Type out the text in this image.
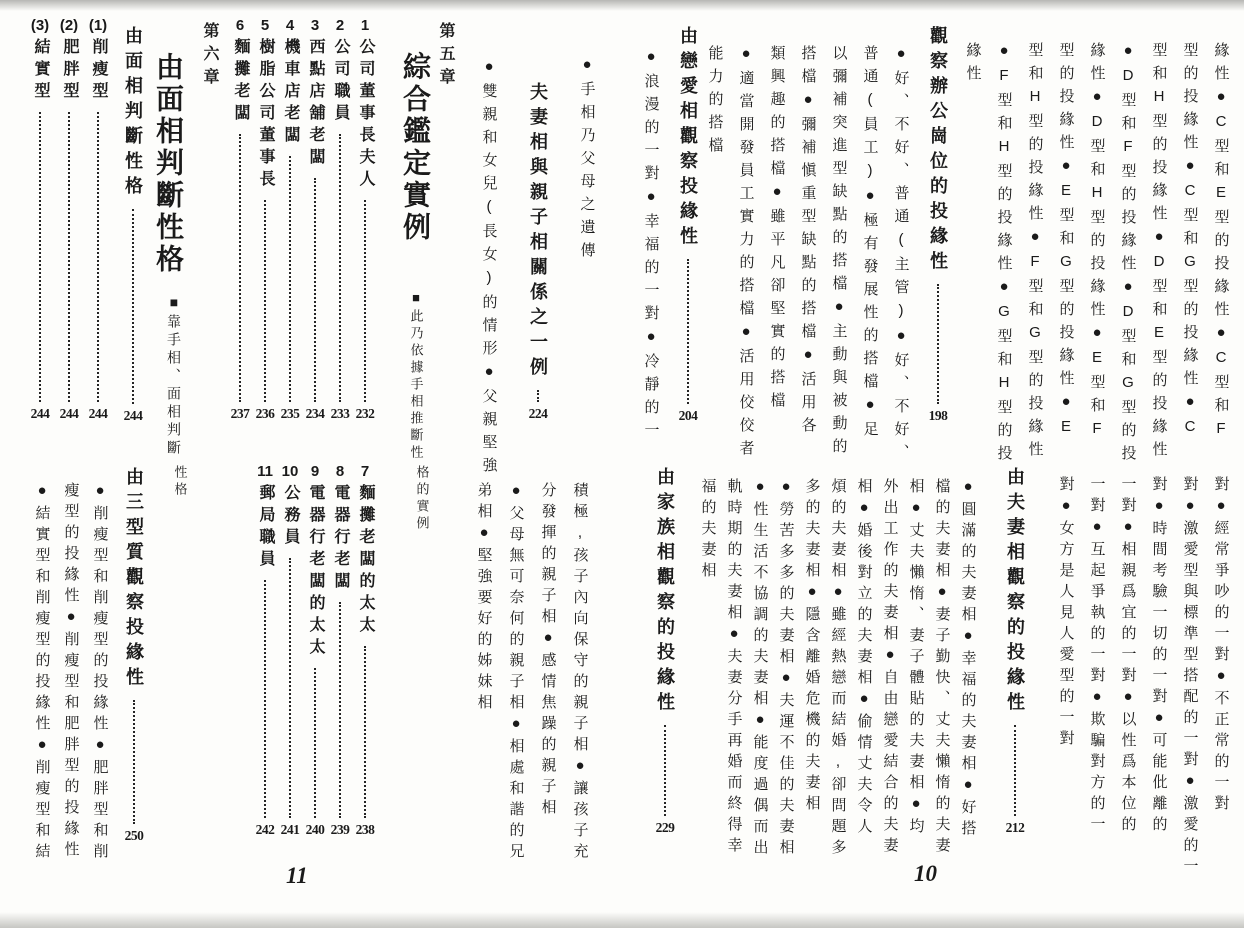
10
11
緣性●C型和E型的投緣性●C型和F
型的投緣性●C型和G型的投緣性●C
型和H型的投緣性●D型和E型的投緣性
●D型和F型的投緣性●D型和G型的投
緣性●D型和H型的投緣性●E型和F
型的投緣性●E型和G型的投緣性●E
型和H型的投緣性●F型和G型的投緣性
●F型和H型的投緣性●G型和H型的投
緣性
觀察辦公崗位的投緣性
198
●好、不好、普通(主管)●好、不好、
普通(員工)●極有發展性的搭檔●足
以彌補突進型缺點的搭檔●主動與被動的
搭檔●彌補愼重型缺點的搭檔●活用各
類興趣的搭檔●雖平凡卻堅實的搭檔
●適當開發員工實力的搭檔●活用佼佼者
能力的搭檔
由戀愛相觀察投緣性
204
●浪漫的一對●幸福的一對●冷靜的一
●手相乃父母之遺傳
夫妻相與親子相關係之一例
224
●雙親和女兒(長女)的情形●父親堅強
第五章
綜合鑑定實例
■此乃依據手相推斷性
1
公司董事長夫人
232
2
公司職員
233
3
西點店舖老闆
234
4
機車店老闆
235
5
樹脂公司董事長
236
6
麵攤老闆
237
第六章
由面相判斷性格
■靠手相、面相判斷
由面相判斷性格
244
(1)
削瘦型
244
(2)
肥胖型
244
(3)
結實型
244
對●經常爭吵的一對●不正常的一對
對●激愛型與標準型搭配的一對●激愛的一
對●時間考驗一切的一對●可能仳離的
一對●相親爲宜的一對●以性爲本位的
一對●互起爭執的一對●欺騙對方的一
對●女方是人見人愛型的一對
由夫妻相觀察的投緣性
212
●圓滿的夫妻相●幸福的夫妻相●好搭
檔的夫妻相●妻子勤快、丈夫懶惰的夫妻
相●丈夫懶惰、妻子體貼的夫妻相●均
外出工作的夫妻相●自由戀愛結合的夫妻
相●婚後對立的夫妻相●偷情丈夫令人
煩的夫妻相●雖經熱戀而結婚,卻問題多
多的夫妻相●隱含離婚危機的夫妻相
●勞苦多多的夫妻相●夫運不佳的夫妻相
●性生活不協調的夫妻相●能度過偶而出
軌時期的夫妻相●夫妻分手再婚而終得幸
福的夫妻相
由家族相觀察的投緣性
229
積極,孩子內向保守的親子相●讓孩子充
分發揮的親子相●感情焦躁的親子相
●父母無可奈何的親子相●相處和諧的兄
弟相●堅強要好的姊妹相
格的實例
7
麵攤老闆的太太
238
8
電器行老闆
239
9
電器行老闆的太太
240
10
公務員
241
11
郵局職員
242
性格
由三型質觀察投緣性
250
●削瘦型和削瘦型的投緣性●肥胖型和削
瘦型的投緣性●削瘦型和肥胖型的投緣性
●結實型和削瘦型的投緣性●削瘦型和結
